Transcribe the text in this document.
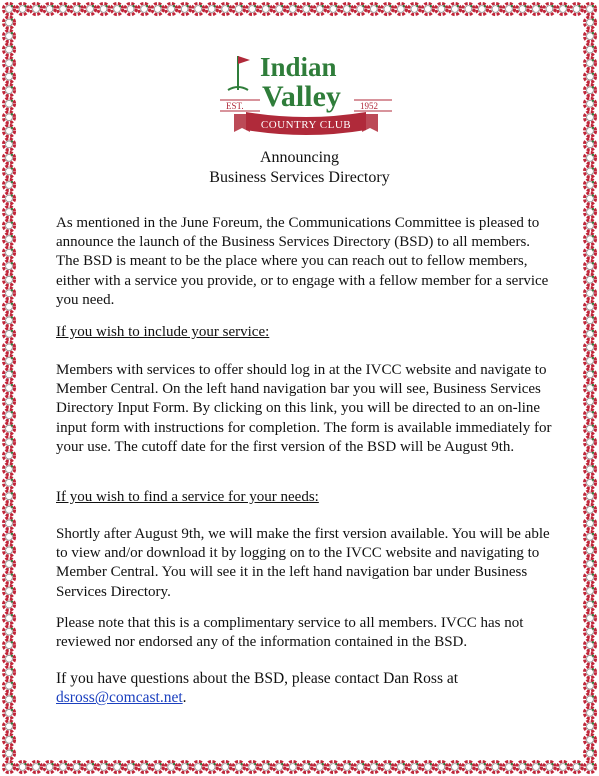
Indian
Valley
EST.	1952
COUNTRY CLUB
Announcing
Business Services Directory

As mentioned in the June Foreum, the Communications Committee is pleased to announce the launch of the Business Services Directory (BSD) to all members. The BSD is meant to be the place where you can reach out to fellow members, either with a service you provide, or to engage with a fellow member for a service you need.

If you wish to include your service:

Members with services to offer should log in at the IVCC website and navigate to Member Central. On the left hand navigation bar you will see, Business Services Directory Input Form. By clicking on this link, you will be directed to an on-line input form with instructions for completion. The form is available immediately for your use. The cutoff date for the first version of the BSD will be August 9th.

If you wish to find a service for your needs:

Shortly after August 9th, we will make the first version available. You will be able to view and/or download it by logging on to the IVCC website and navigating to Member Central. You will see it in the left hand navigation bar under Business Services Directory.

Please note that this is a complimentary service to all members. IVCC has not reviewed nor endorsed any of the information contained in the BSD.

If you have questions about the BSD, please contact Dan Ross at
dsross@comcast.net.
